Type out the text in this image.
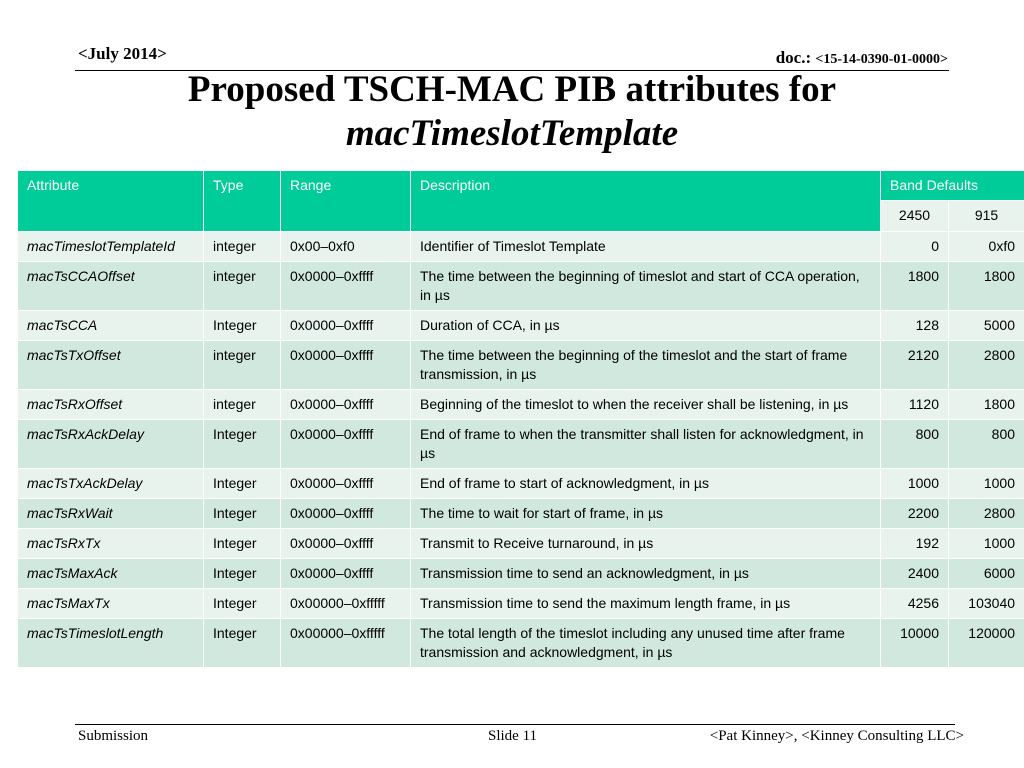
<July 2014>	doc.: <15-14-0390-01-0000>
Proposed TSCH-MAC PIB attributes for
macTimeslotTemplate
Attribute	Type	Range	Description	Band Defaults	
				2450	915
macTimeslotTemplateId	integer	0x00–0xf0	Identifier of Timeslot Template	0	0xf0
macTsCCAOffset	integer	0x0000–0xffff	The time between the beginning of timeslot and start of CCA operation, in µs	1800	1800
macTsCCA	Integer	0x0000–0xffff	Duration of CCA, in µs	128	5000
macTsTxOffset	integer	0x0000–0xffff	The time between the beginning of the timeslot and the start of frame transmission, in µs	2120	2800
macTsRxOffset	integer	0x0000–0xffff	Beginning of the timeslot to when the receiver shall be listening, in µs	1120	1800
macTsRxAckDelay	Integer	0x0000–0xffff	End of frame to when the transmitter shall listen for acknowledgment, in µs	800	800
macTsTxAckDelay	Integer	0x0000–0xffff	End of frame to start of acknowledgment, in µs	1000	1000
macTsRxWait	Integer	0x0000–0xffff	The time to wait for start of frame, in µs	2200	2800
macTsRxTx	Integer	0x0000–0xffff	Transmit to Receive turnaround, in µs	192	1000
macTsMaxAck	Integer	0x0000–0xffff	Transmission time to send an acknowledgment, in µs	2400	6000
macTsMaxTx	Integer	0x00000–0xfffff	Transmission time to send the maximum length frame, in µs	4256	103040
macTsTimeslotLength	Integer	0x00000–0xfffff	The total length of the timeslot including any unused time after frame transmission and acknowledgment, in µs	10000	120000
Submission	Slide 11	<Pat Kinney>, <Kinney Consulting LLC>
